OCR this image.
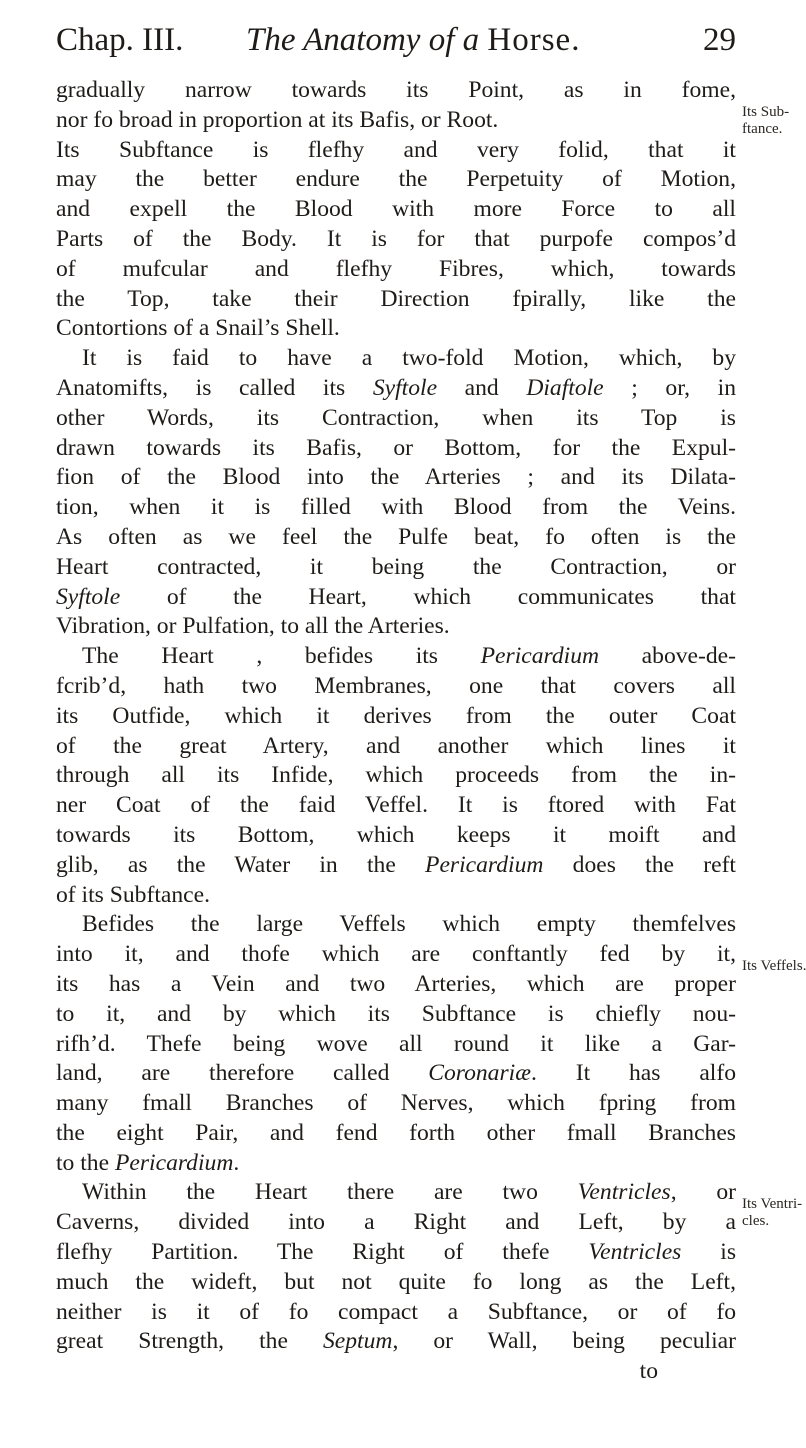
Chap. III. The Anatomy of a Horse.	29
gradually narrow towards its Point, as in fome,
nor fo broad in proportion at its Bafis, or Root.
Its Subftance is flefhy and very folid, that it
may the better endure the Perpetuity of Motion,
and expell the Blood with more Force to all
Parts of the Body. It is for that purpofe compos’d
of mufcular and flefhy Fibres, which, towards
the Top, take their Direction fpirally, like the
Contortions of a Snail’s Shell.
It is faid to have a two-fold Motion, which, by
Anatomifts, is called its Syftole and Diaftole ; or, in
other Words, its Contraction, when its Top is
drawn towards its Bafis, or Bottom, for the Expul-
fion of the Blood into the Arteries ; and its Dilata-
tion, when it is filled with Blood from the Veins.
As often as we feel the Pulfe beat, fo often is the
Heart contracted, it being the Contraction, or
Syftole of the Heart, which communicates that
Vibration, or Pulfation, to all the Arteries.
The Heart , befides its Pericardium above-de-
fcrib’d, hath two Membranes, one that covers all
its Outfide, which it derives from the outer Coat
of the great Artery, and another which lines it
through all its Infide, which proceeds from the in-
ner Coat of the faid Veffel. It is ftored with Fat
towards its Bottom, which keeps it moift and
glib, as the Water in the Pericardium does the reft
of its Subftance.
Befides the large Veffels which empty themfelves
into it, and thofe which are conftantly fed by it,
its has a Vein and two Arteries, which are proper
to it, and by which its Subftance is chiefly nou-
rifh’d. Thefe being wove all round it like a Gar-
land, are therefore called Coronariæ. It has alfo
many fmall Branches of Nerves, which fpring from
the eight Pair, and fend forth other fmall Branches
to the Pericardium.
Within the Heart there are two Ventricles, or
Caverns, divided into a Right and Left, by a
flefhy Partition. The Right of thefe Ventricles is
much the wideft, but not quite fo long as the Left,
neither is it of fo compact a Subftance, or of fo
great Strength, the Septum, or Wall, being peculiar
to
Its Sub-
ftance.
Its Veffels.
Its Ventri-
cles.
